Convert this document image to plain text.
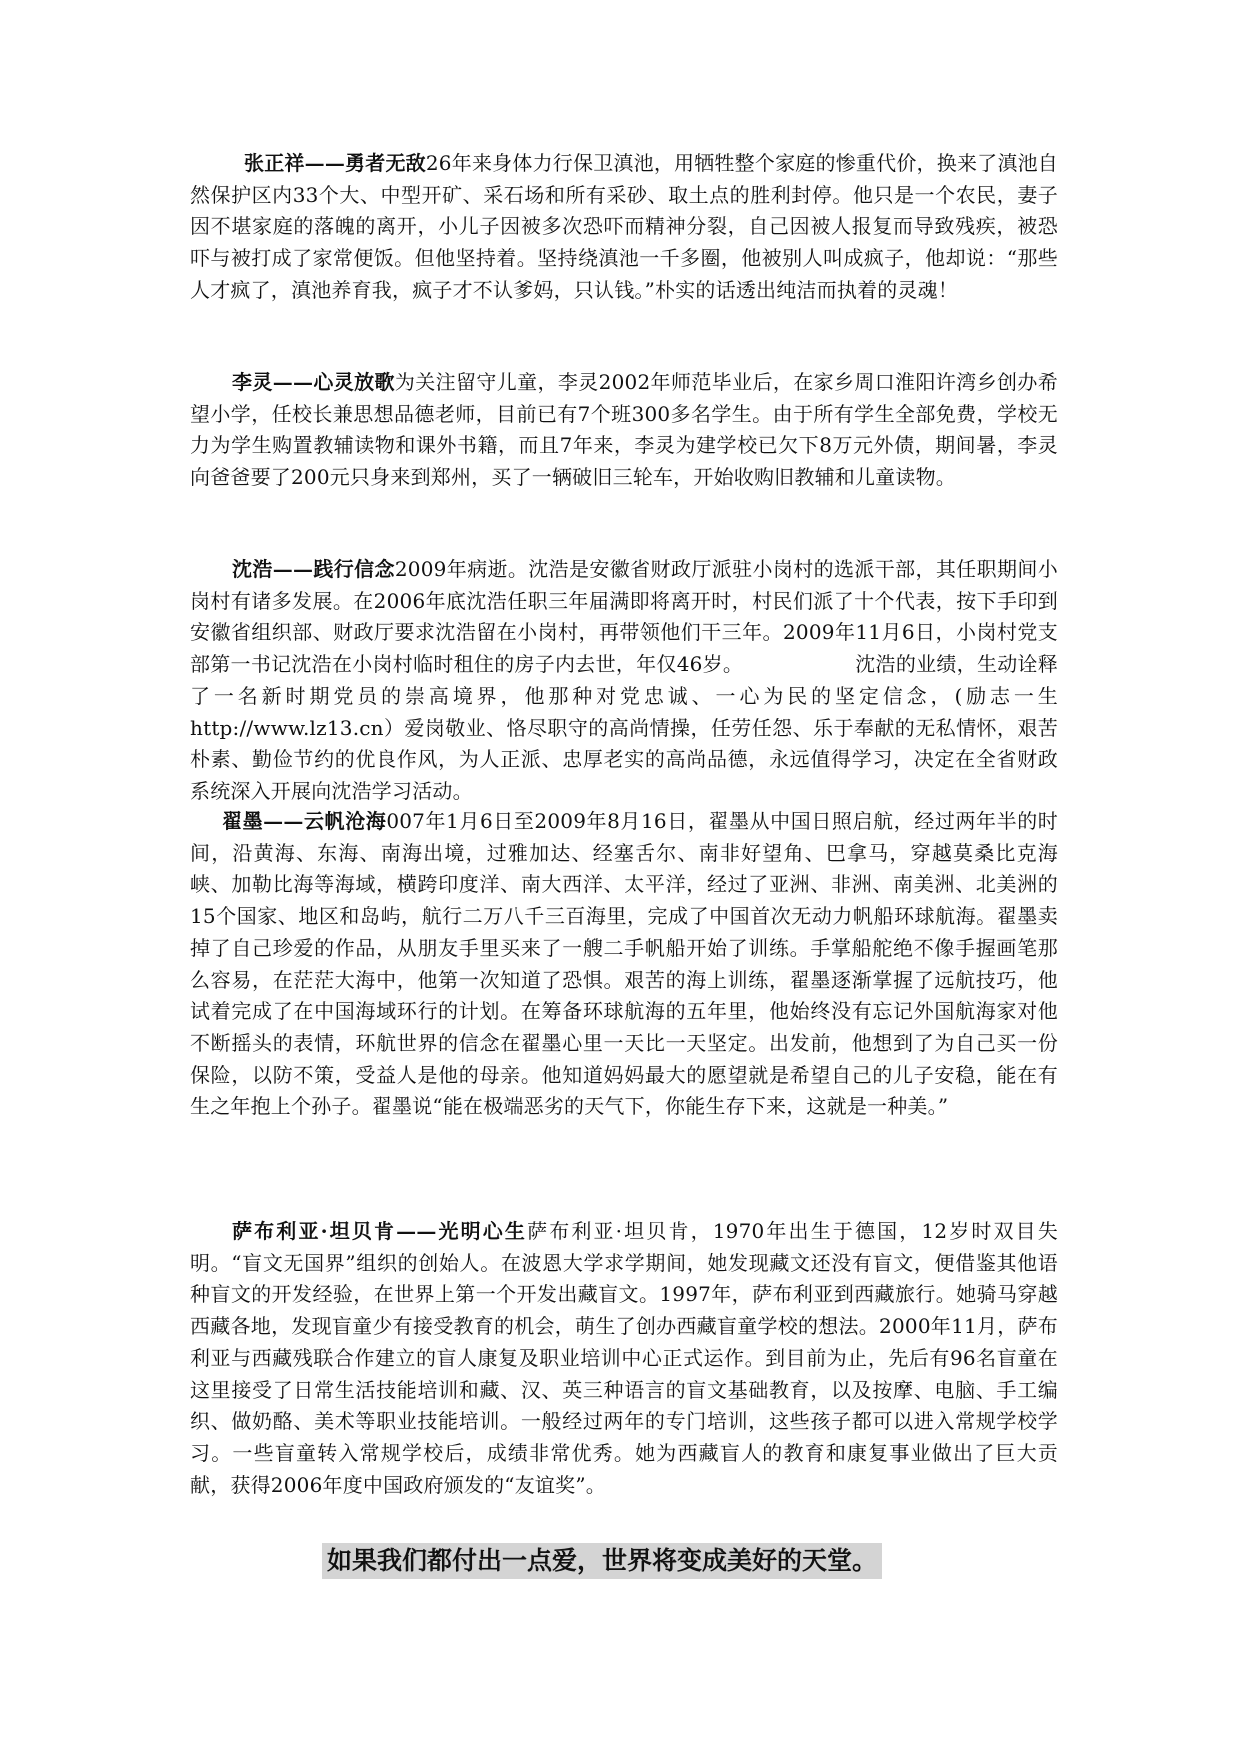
张正祥——勇者无敌26年来身体力行保卫滇池，用牺牲整个家庭的惨重代价，换来了滇池自然保护区内33个大、中型开矿、采石场和所有采砂、取土点的胜利封停。他只是一个农民，妻子因不堪家庭的落魄的离开，小儿子因被多次恐吓而精神分裂，自己因被人报复而导致残疾，被恐吓与被打成了家常便饭。但他坚持着。坚持绕滇池一千多圈，他被别人叫成疯子，他却说：“那些人才疯了，滇池养育我，疯子才不认爹妈，只认钱。”朴实的话透出纯洁而执着的灵魂！
李灵——心灵放歌为关注留守儿童，李灵2002年师范毕业后，在家乡周口淮阳许湾乡创办希望小学，任校长兼思想品德老师，目前已有7个班300多名学生。由于所有学生全部免费，学校无力为学生购置教辅读物和课外书籍，而且7年来，李灵为建学校已欠下8万元外债，期间暑，李灵向爸爸要了200元只身来到郑州，买了一辆破旧三轮车，开始收购旧教辅和儿童读物。
沈浩——践行信念2009年病逝。沈浩是安徽省财政厅派驻小岗村的选派干部，其任职期间小岗村有诸多发展。在2006年底沈浩任职三年届满即将离开时，村民们派了十个代表，按下手印到安徽省组织部、财政厅要求沈浩留在小岗村，再带领他们干三年。2009年11月6日，小岗村党支部第一书记沈浩在小岗村临时租住的房子内去世，年仅46岁。	沈浩的业绩，生动诠释了一名新时期党员的崇高境界，他那种对党忠诚、一心为民的坚定信念，(励志一生 http://www.lz13.cn）爱岗敬业、恪尽职守的高尚情操，任劳任怨、乐于奉献的无私情怀，艰苦朴素、勤俭节约的优良作风，为人正派、忠厚老实的高尚品德，永远值得学习，决定在全省财政系统深入开展向沈浩学习活动。
翟墨——云帆沧海007年1月6日至2009年8月16日，翟墨从中国日照启航，经过两年半的时间，沿黄海、东海、南海出境，过雅加达、经塞舌尔、南非好望角、巴拿马，穿越莫桑比克海峡、加勒比海等海域，横跨印度洋、南大西洋、太平洋，经过了亚洲、非洲、南美洲、北美洲的15个国家、地区和岛屿，航行二万八千三百海里，完成了中国首次无动力帆船环球航海。翟墨卖掉了自己珍爱的作品，从朋友手里买来了一艘二手帆船开始了训练。手掌船舵绝不像手握画笔那么容易，在茫茫大海中，他第一次知道了恐惧。艰苦的海上训练，翟墨逐渐掌握了远航技巧，他试着完成了在中国海域环行的计划。在筹备环球航海的五年里，他始终没有忘记外国航海家对他不断摇头的表情，环航世界的信念在翟墨心里一天比一天坚定。出发前，他想到了为自己买一份保险，以防不策，受益人是他的母亲。他知道妈妈最大的愿望就是希望自己的儿子安稳，能在有生之年抱上个孙子。翟墨说“能在极端恶劣的天气下，你能生存下来，这就是一种美。”
萨布利亚·坦贝肯——光明心生萨布利亚·坦贝肯，1970年出生于德国，12岁时双目失明。“盲文无国界”组织的创始人。在波恩大学求学期间，她发现藏文还没有盲文，便借鉴其他语种盲文的开发经验，在世界上第一个开发出藏盲文。1997年，萨布利亚到西藏旅行。她骑马穿越西藏各地，发现盲童少有接受教育的机会，萌生了创办西藏盲童学校的想法。2000年11月，萨布利亚与西藏残联合作建立的盲人康复及职业培训中心正式运作。到目前为止，先后有96名盲童在这里接受了日常生活技能培训和藏、汉、英三种语言的盲文基础教育，以及按摩、电脑、手工编织、做奶酪、美术等职业技能培训。一般经过两年的专门培训，这些孩子都可以进入常规学校学习。一些盲童转入常规学校后，成绩非常优秀。她为西藏盲人的教育和康复事业做出了巨大贡献，获得2006年度中国政府颁发的“友谊奖”。
如果我们都付出一点爱，世界将变成美好的天堂。
